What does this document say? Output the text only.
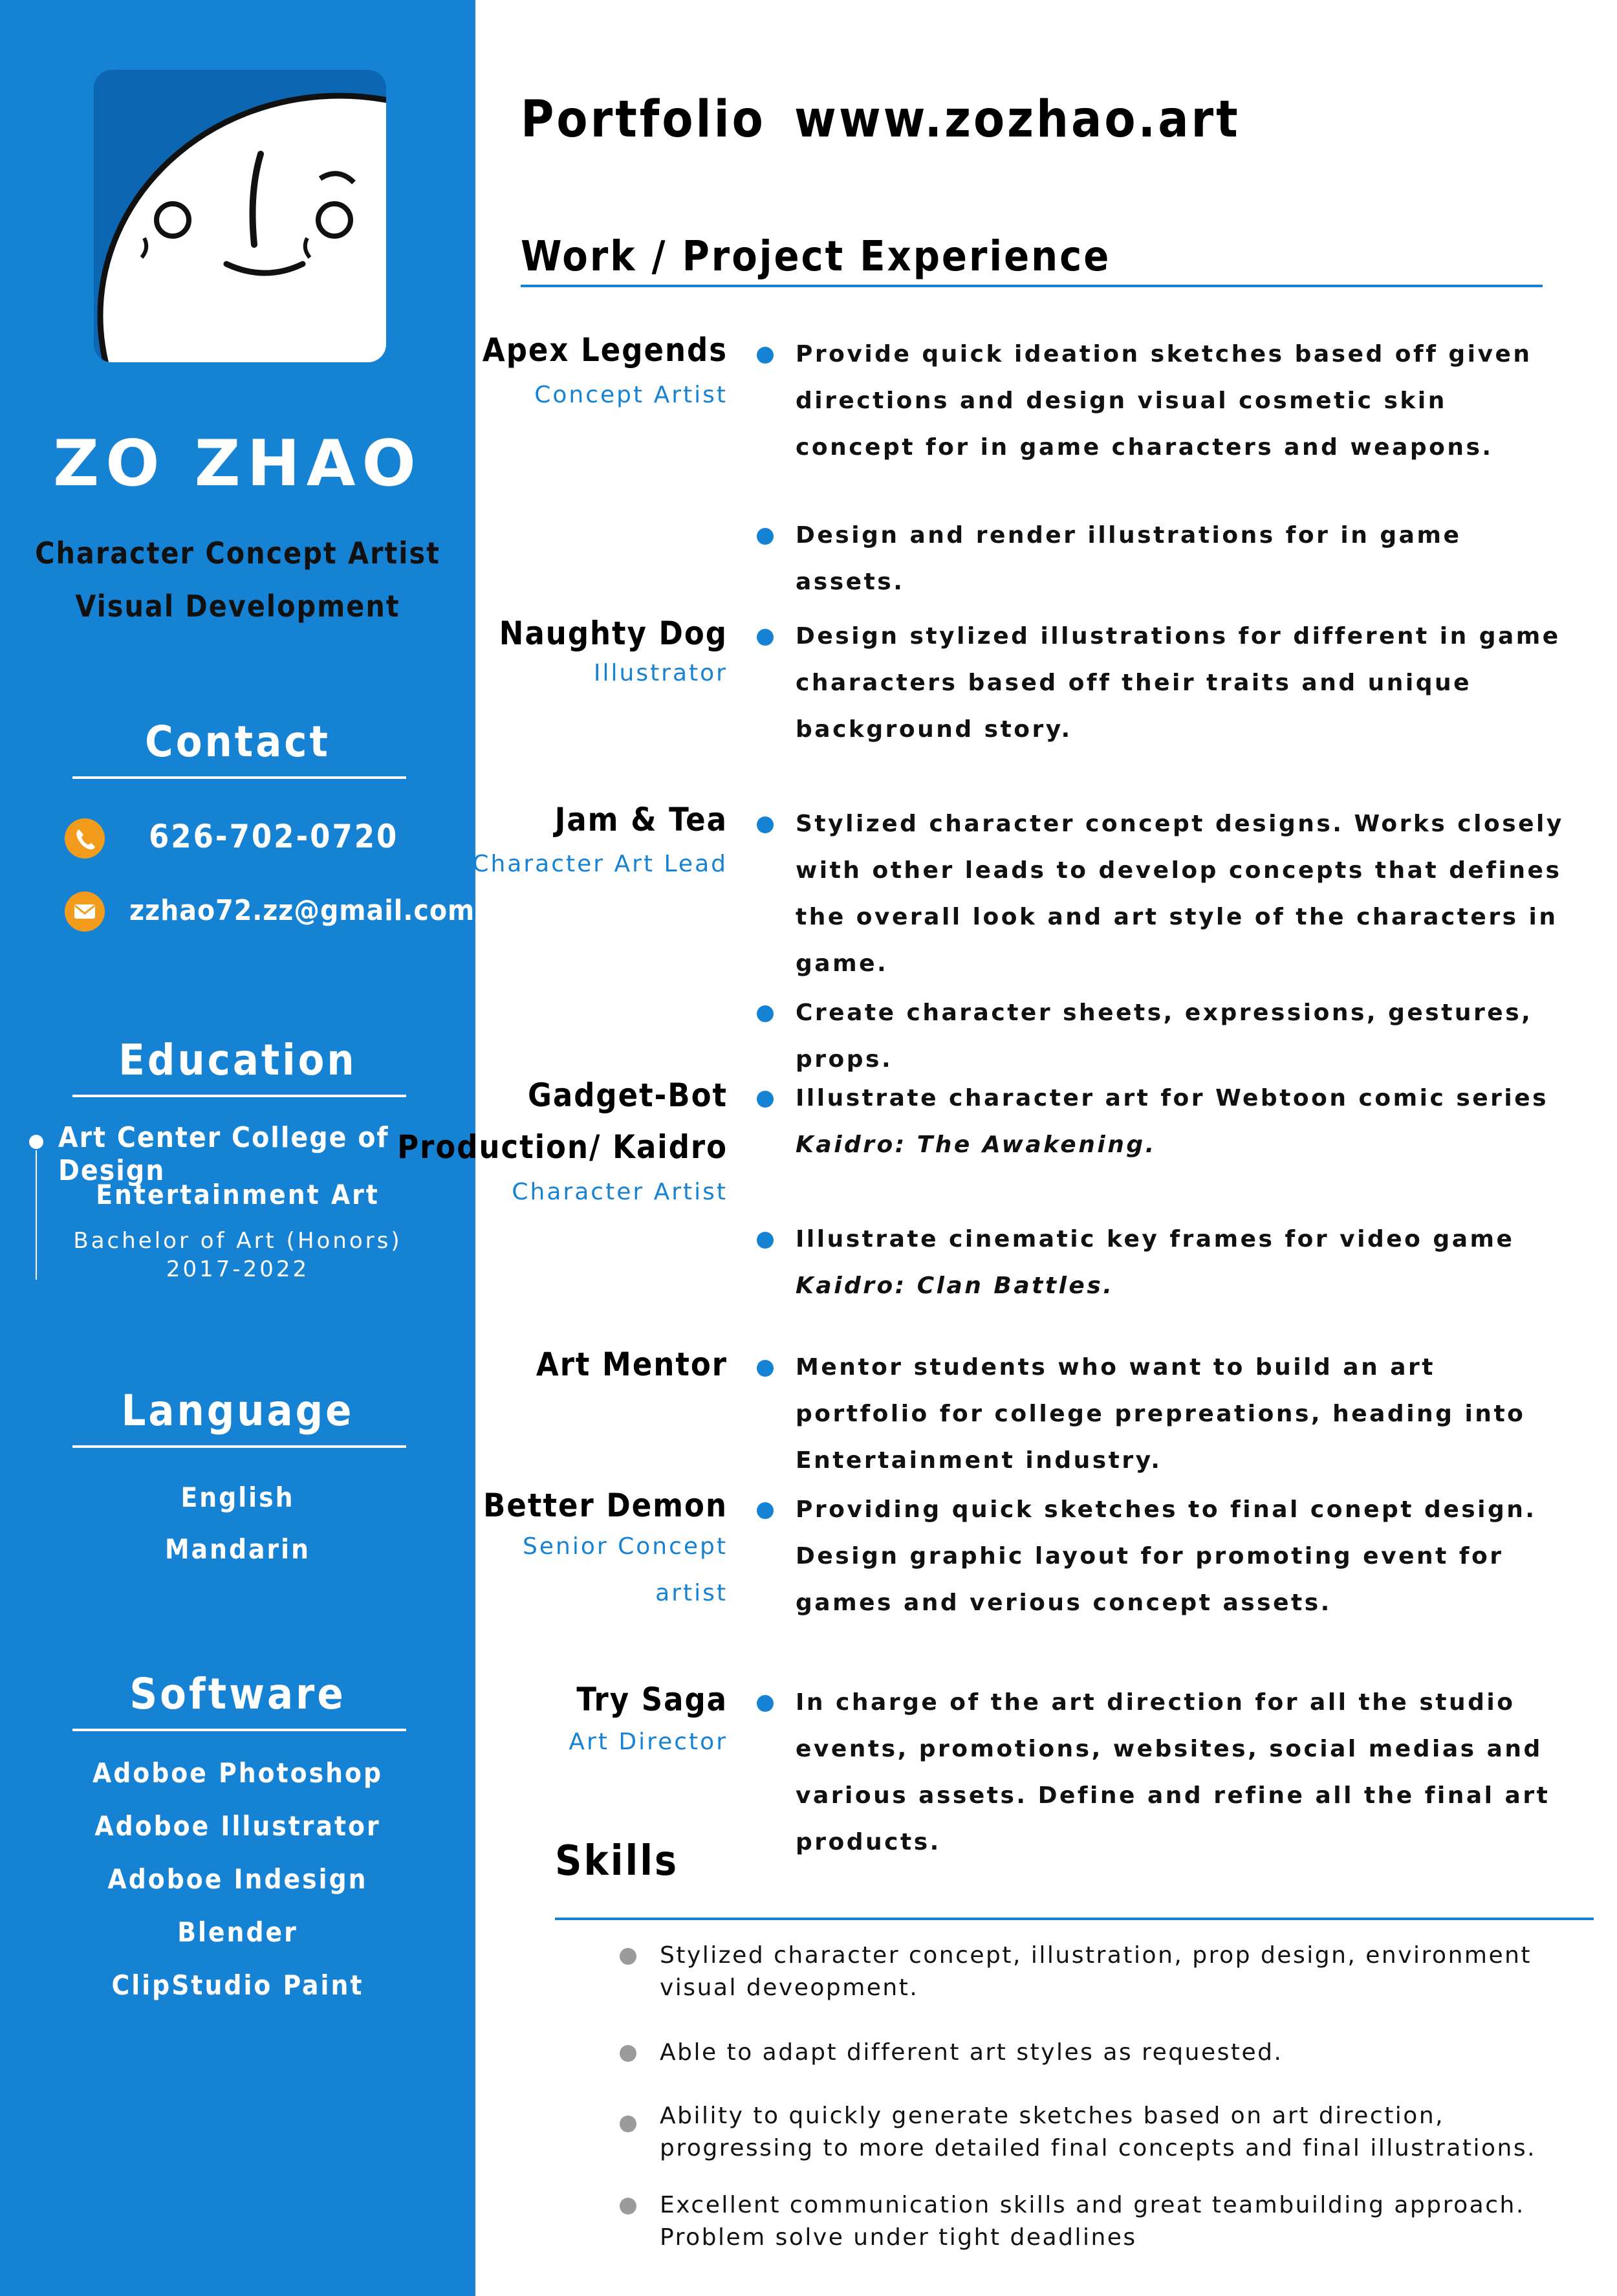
ZO ZHAO
Character Concept Artist
Visual Development
Contact
626-702-0720
zzhao72.zz@gmail.com
Education
Art Center College of Design
Entertainment Art
Bachelor of Art (Honors)
2017-2022
Language
English
Mandarin
Software
Adoboe Photoshop
Adoboe Illustrator
Adoboe Indesign
Blender
ClipStudio Paint
Portfolio www.zozhao.art
Work / Project Experience
Apex Legends
Concept Artist
Provide quick ideation sketches based off given directions and design visual cosmetic skin concept for in game characters and weapons.
Design and render illustrations for in game assets.
Naughty Dog
Illustrator
Design stylized illustrations for different in game characters based off their traits and unique background story.
Jam & Tea
Character Art Lead
Stylized character concept designs. Works closely with other leads to develop concepts that defines the overall look and art style of the characters in game.
Create character sheets, expressions, gestures, props.
Gadget-Bot
Production/ Kaidro
Character Artist
Illustrate character art for Webtoon comic series Kaidro: The Awakening.
Illustrate cinematic key frames for video game Kaidro: Clan Battles.
Art Mentor	Mentor students who want to build an art portfolio for college prepreations, heading into Entertainment industry.
Better Demon
Senior Concept
artist
Providing quick sketches to final conept design. Design graphic layout for promoting event for games and verious concept assets.
Try Saga
Art Director
In charge of the art direction for all the studio events, promotions, websites, social medias and various assets. Define and refine all the final art products.
Skills
Stylized character concept, illustration, prop design, environment visual deveopment.
Able to adapt different art styles as requested.
Ability to quickly generate sketches based on art direction, progressing to more detailed final concepts and final illustrations.
Excellent communication skills and great teambuilding approach. Problem solve under tight deadlines
